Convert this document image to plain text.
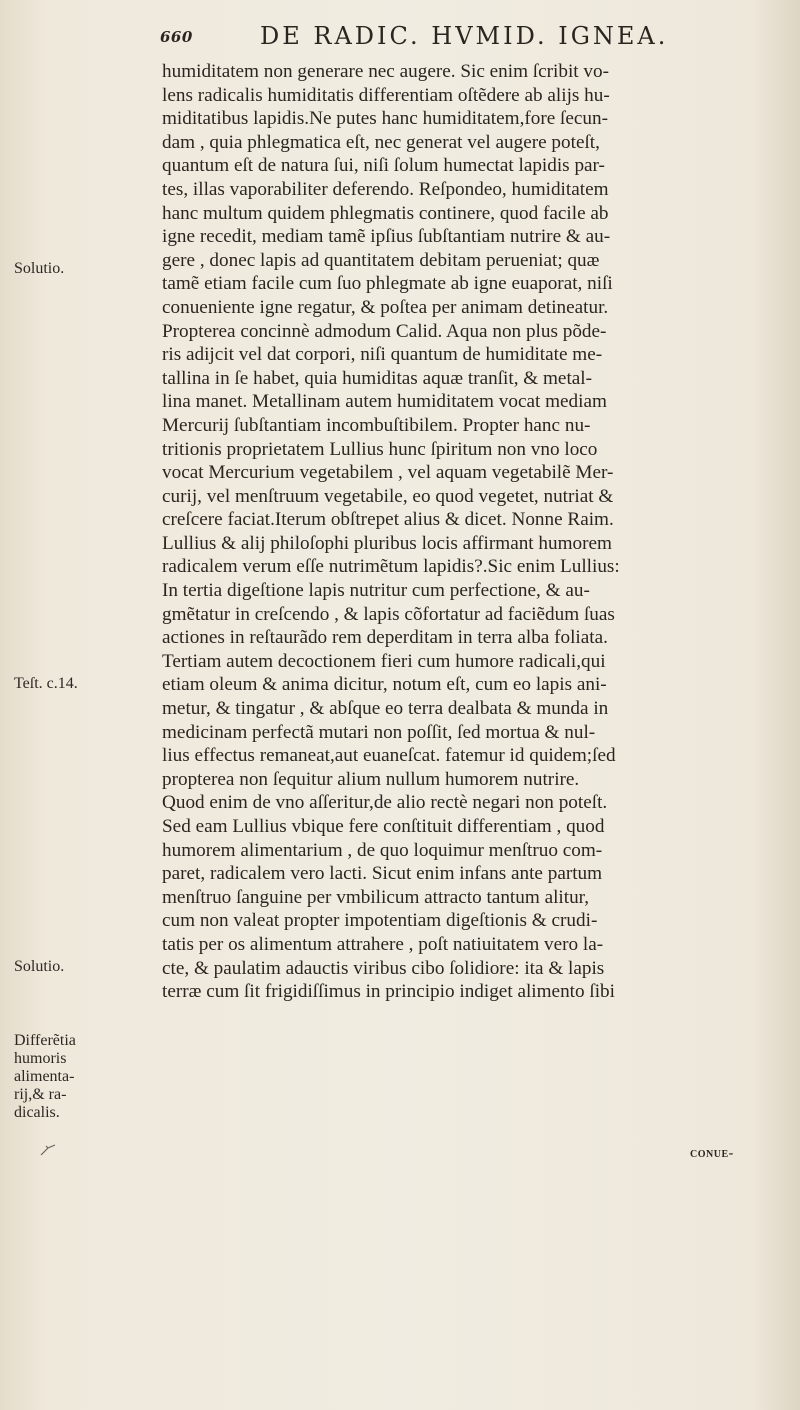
660	DE RADIC. HVMID. IGNEA.
humiditatem non generare nec augere. Sic enim ſcribit vo-
lens radicalis humiditatis differentiam oſtẽdere ab alijs hu-
miditatibus lapidis.Ne putes hanc humiditatem,fore ſecun-
dam , quia phlegmatica eſt, nec generat vel augere poteſt,
quantum eſt de natura ſui, niſi ſolum humectat lapidis par-
tes, illas vaporabiliter deferendo. Reſpondeo, humiditatem
hanc multum quidem phlegmatis continere, quod facile ab
igne recedit, mediam tamẽ ipſius ſubſtantiam nutrire & au-
gere , donec lapis ad quantitatem debitam perueniat; quæ
tamẽ etiam facile cum ſuo phlegmate ab igne euaporat, niſi
conueniente igne regatur, & poſtea per animam detineatur.
Propterea concinnè admodum Calid. Aqua non plus põde-
ris adijcit vel dat corpori, niſi quantum de humiditate me-
tallina in ſe habet, quia humiditas aquæ tranſit, & metal-
lina manet. Metallinam autem humiditatem vocat mediam
Mercurij ſubſtantiam incombuſtibilem. Propter hanc nu-
tritionis proprietatem Lullius hunc ſpiritum non vno loco
vocat Mercurium vegetabilem , vel aquam vegetabilẽ Mer-
curij, vel menſtruum vegetabile, eo quod vegetet, nutriat &
creſcere faciat.Iterum obſtrepet alius & dicet. Nonne Raim.
Lullius & alij philoſophi pluribus locis affirmant humorem
radicalem verum eſſe nutrimẽtum lapidis?.Sic enim Lullius:
In tertia digeſtione lapis nutritur cum perfectione, & au-
gmẽtatur in creſcendo , & lapis cõfortatur ad faciẽdum ſuas
actiones in reſtaurãdo rem deperditam in terra alba foliata.
Tertiam autem decoctionem fieri cum humore radicali,qui
etiam oleum & anima dicitur, notum eſt, cum eo lapis ani-
metur, & tingatur , & abſque eo terra dealbata & munda in
medicinam perfectã mutari non poſſit, ſed mortua & nul-
lius effectus remaneat,aut euaneſcat. fatemur id quidem;ſed
propterea non ſequitur alium nullum humorem nutrire.
Quod enim de vno aſſeritur,de alio rectè negari non poteſt.
Sed eam Lullius vbique fere conſtituit differentiam , quod
humorem alimentarium , de quo loquimur menſtruo com-
paret, radicalem vero lacti. Sicut enim infans ante partum
menſtruo ſanguine per vmbilicum attracto tantum alitur,
cum non valeat propter impotentiam digeſtionis & crudi-
tatis per os alimentum attrahere , poſt natiuitatem vero la-
cte, & paulatim adauctis viribus cibo ſolidiore: ita & lapis
terræ cum ſit frigidiſſimus in principio indiget alimento ſibi
Solutio.
Teſt. c.14.
Solutio.
Differẽtia
humoris
alimenta-
rij,& ra-
dicalis.
conue-
